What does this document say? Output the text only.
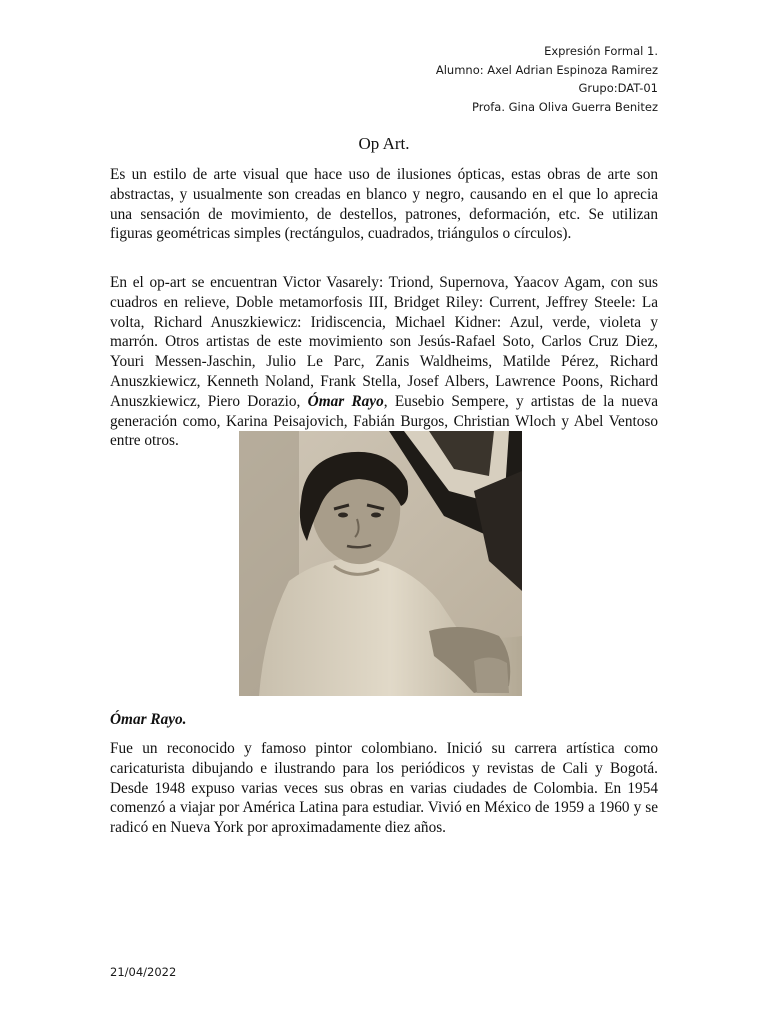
Expresión Formal 1.
Alumno: Axel Adrian Espinoza Ramirez
Grupo:DAT-01
Profa. Gina Oliva Guerra Benitez
Op Art.

Es un estilo de arte visual que hace uso de ilusiones ópticas, estas obras de arte son abstractas, y usualmente son creadas en blanco y negro, causando en el que lo aprecia una sensación de movimiento, de destellos, patrones, deformación, etc. Se utilizan figuras geométricas simples (rectángulos, cuadrados, triángulos o círculos).

En el op-art se encuentran Victor Vasarely: Triond, Supernova, Yaacov Agam, con sus cuadros en relieve, Doble metamorfosis III, Bridget Riley: Current, Jeffrey Steele: La volta, Richard Anuszkiewicz: Iridiscencia, Michael Kidner: Azul, verde, violeta y marrón. Otros artistas de este movimiento son Jesús-Rafael Soto, Carlos Cruz Diez, Youri Messen-Jaschin, Julio Le Parc, Zanis Waldheims, Matilde Pérez, Richard Anuszkiewicz, Kenneth Noland, Frank Stella, Josef Albers, Lawrence Poons, Richard Anuszkiewicz, Piero Dorazio, Ómar Rayo, Eusebio Sempere, y artistas de la nueva generación como, Karina Peisajovich, Fabián Burgos, Christian Wloch y Abel Ventoso entre otros.

Ómar Rayo.

Fue un reconocido y famoso pintor colombiano. Inició su carrera artística como caricaturista dibujando e ilustrando para los periódicos y revistas de Cali y Bogotá. Desde 1948 expuso varias veces sus obras en varias ciudades de Colombia. En 1954 comenzó a viajar por América Latina para estudiar. Vivió en México de 1959 a 1960 y se radicó en Nueva York por aproximadamente diez años.

21/04/2022
